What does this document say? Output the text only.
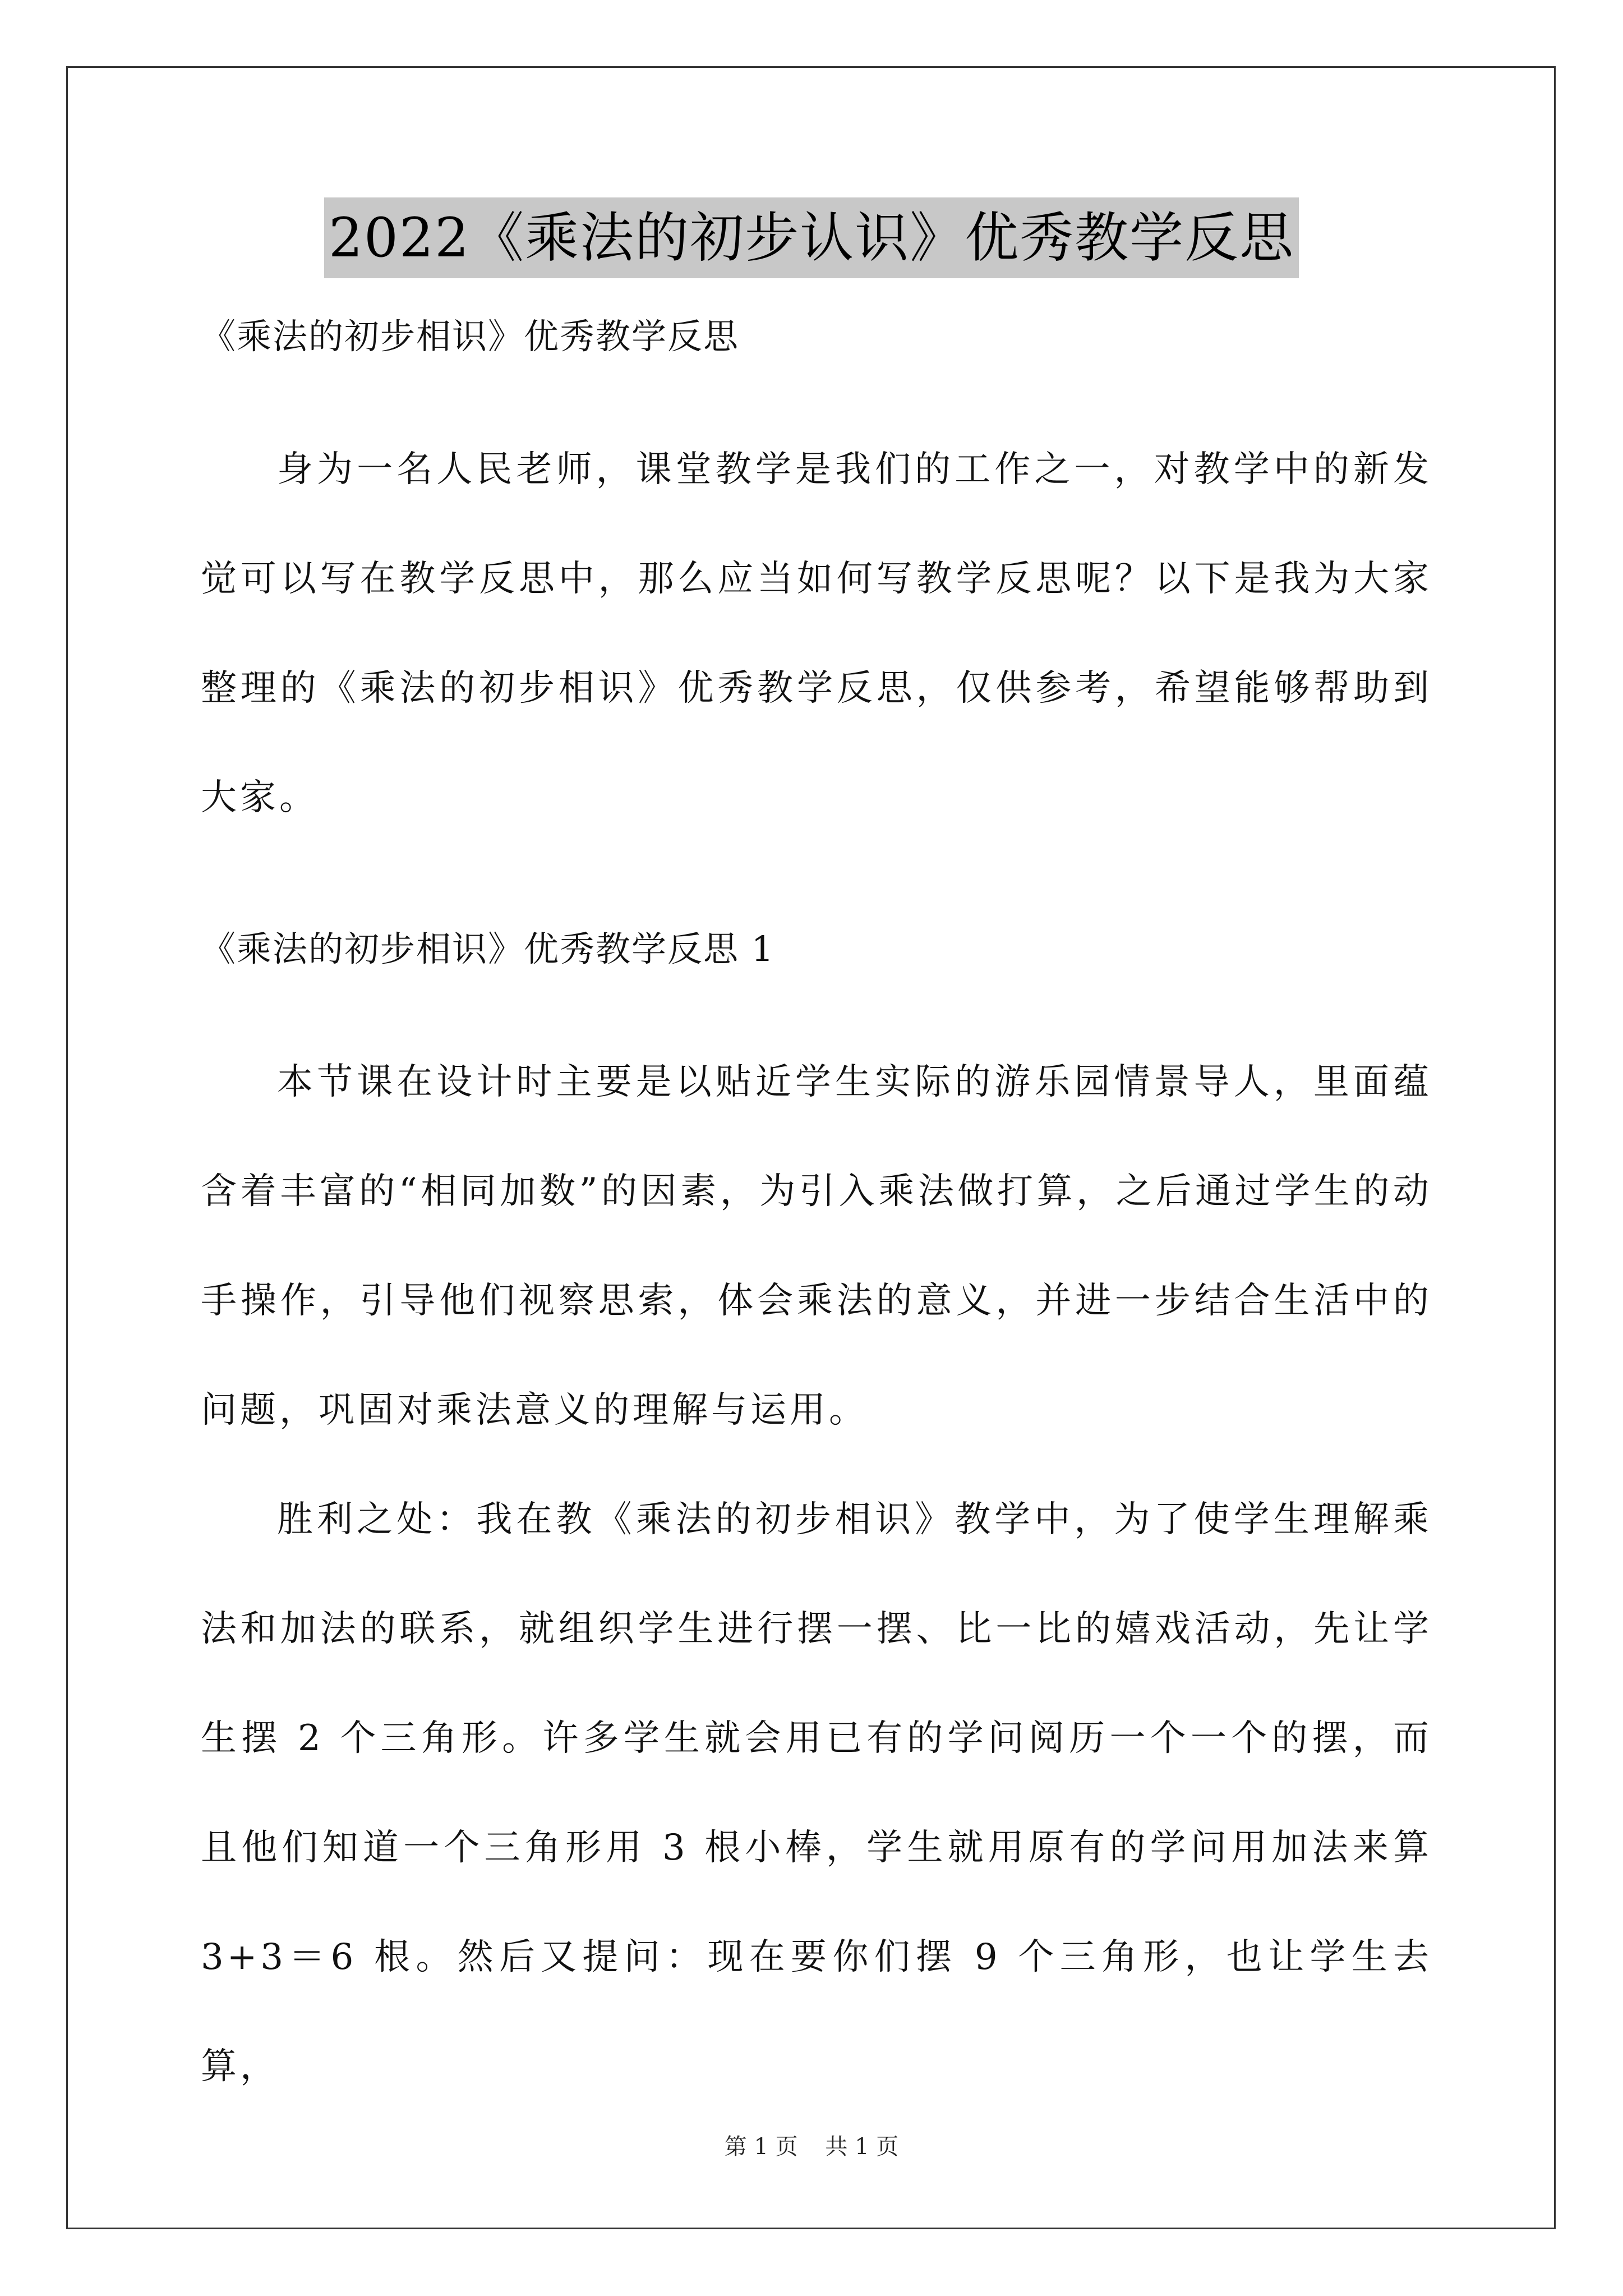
2022《乘法的初步认识》优秀教学反思

《乘法的初步相识》优秀教学反思

身为一名人民老师，课堂教学是我们的工作之一，对教学中的新发觉可以写在教学反思中，那么应当如何写教学反思呢？以下是我为大家整理的《乘法的初步相识》优秀教学反思，仅供参考，希望能够帮助到大家。

《乘法的初步相识》优秀教学反思 1

本节课在设计时主要是以贴近学生实际的游乐园情景导人，里面蕴含着丰富的“相同加数”的因素，为引入乘法做打算，之后通过学生的动手操作，引导他们视察思索，体会乘法的意义，并进一步结合生活中的问题，巩固对乘法意义的理解与运用。

胜利之处：我在教《乘法的初步相识》教学中，为了使学生理解乘法和加法的联系，就组织学生进行摆一摆、比一比的嬉戏活动，先让学生摆 2 个三角形。许多学生就会用已有的学问阅历一个一个的摆，而且他们知道一个三角形用 3 根小棒，学生就用原有的学问用加法来算 3+3＝6 根。然后又提问：现在要你们摆 9 个三角形，也让学生去算，

第 1 页 共 1 页
